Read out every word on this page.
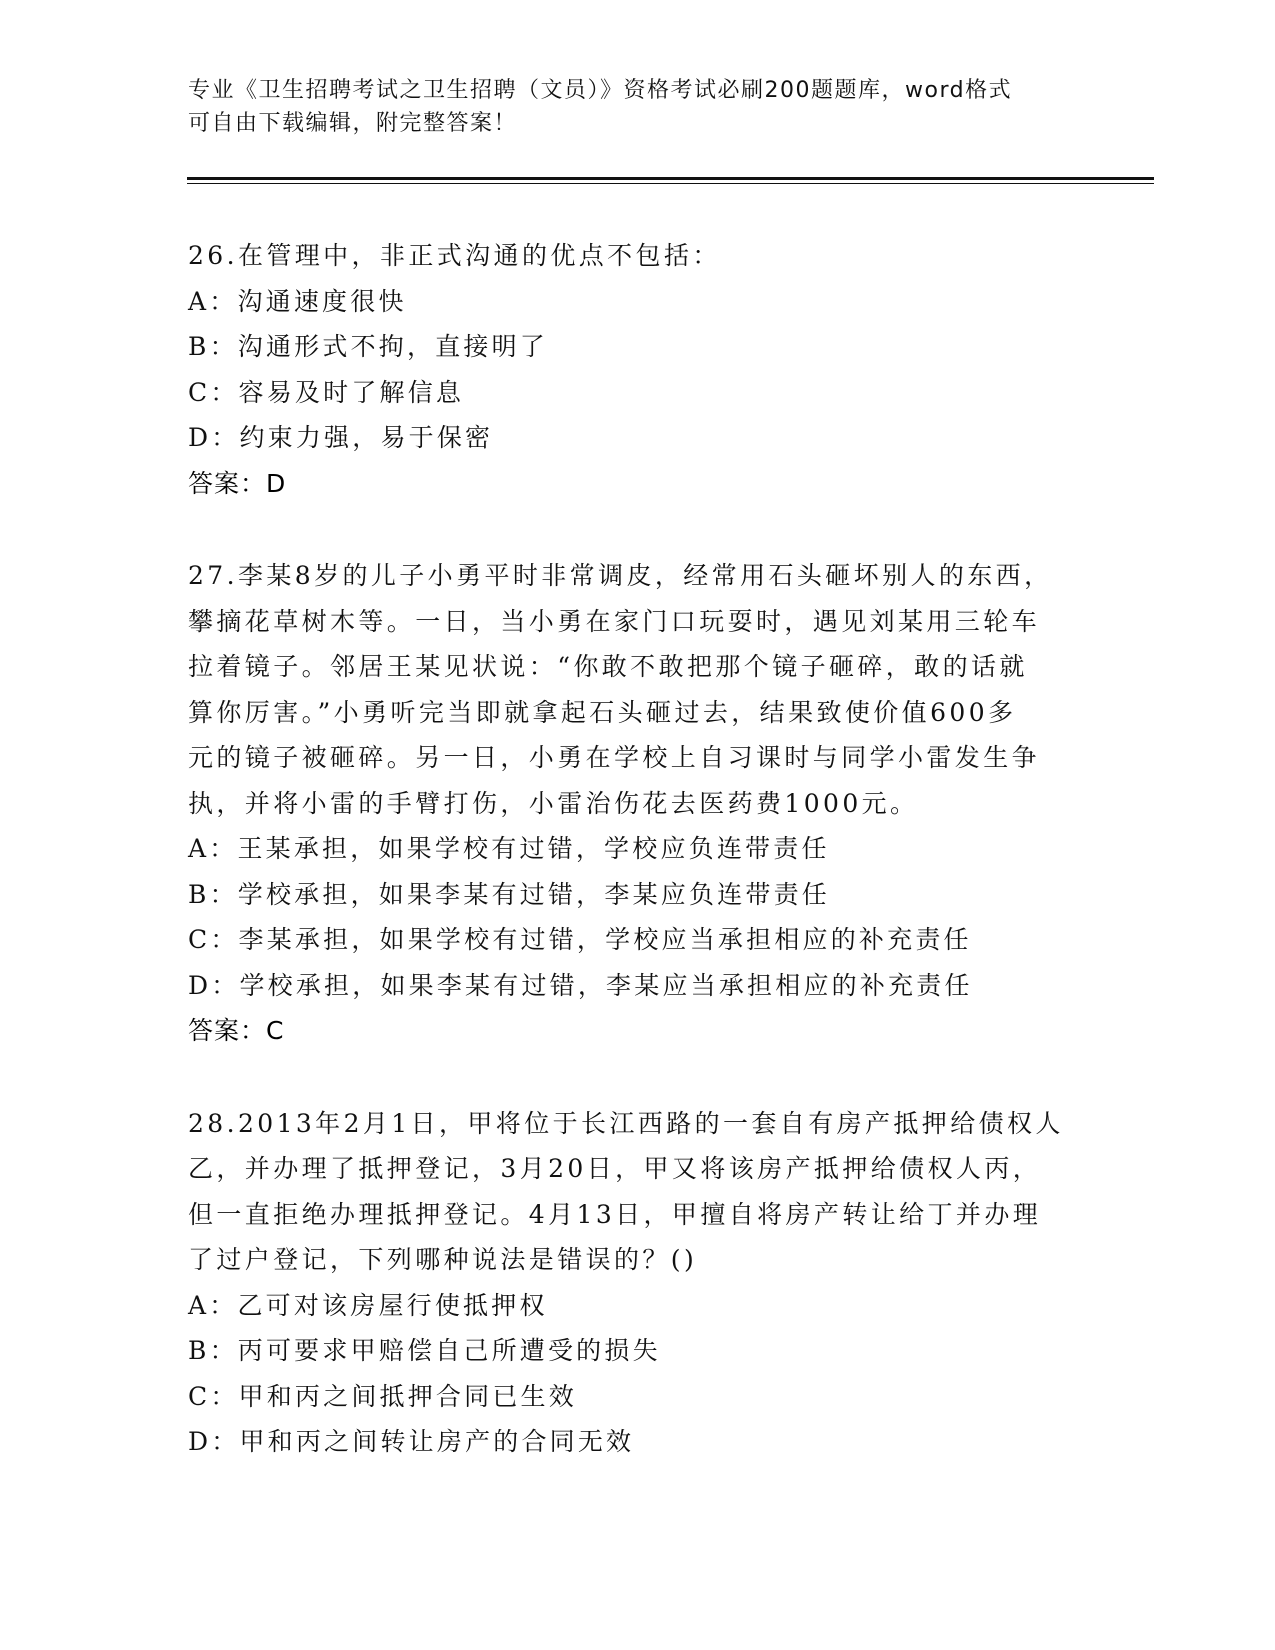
专业《卫生招聘考试之卫生招聘（文员）》资格考试必刷200题题库，word格式
可自由下载编辑，附完整答案！
26.在管理中，非正式沟通的优点不包括：
A：沟通速度很快
B：沟通形式不拘，直接明了
C：容易及时了解信息
D：约束力强，易于保密
答案：D
27.李某8岁的儿子小勇平时非常调皮，经常用石头砸坏别人的东西，
攀摘花草树木等。一日，当小勇在家门口玩耍时，遇见刘某用三轮车
拉着镜子。邻居王某见状说：“你敢不敢把那个镜子砸碎，敢的话就
算你厉害。”小勇听完当即就拿起石头砸过去，结果致使价值600多
元的镜子被砸碎。另一日，小勇在学校上自习课时与同学小雷发生争
执，并将小雷的手臂打伤，小雷治伤花去医药费1000元。
A：王某承担，如果学校有过错，学校应负连带责任
B：学校承担，如果李某有过错，李某应负连带责任
C：李某承担，如果学校有过错，学校应当承担相应的补充责任
D：学校承担，如果李某有过错，李某应当承担相应的补充责任
答案：C
28.2013年2月1日，甲将位于长江西路的一套自有房产抵押给债权人
乙，并办理了抵押登记，3月20日，甲又将该房产抵押给债权人丙，
但一直拒绝办理抵押登记。4月13日，甲擅自将房产转让给丁并办理
了过户登记，下列哪种说法是错误的？()
A：乙可对该房屋行使抵押权
B：丙可要求甲赔偿自己所遭受的损失
C：甲和丙之间抵押合同已生效
D：甲和丙之间转让房产的合同无效
